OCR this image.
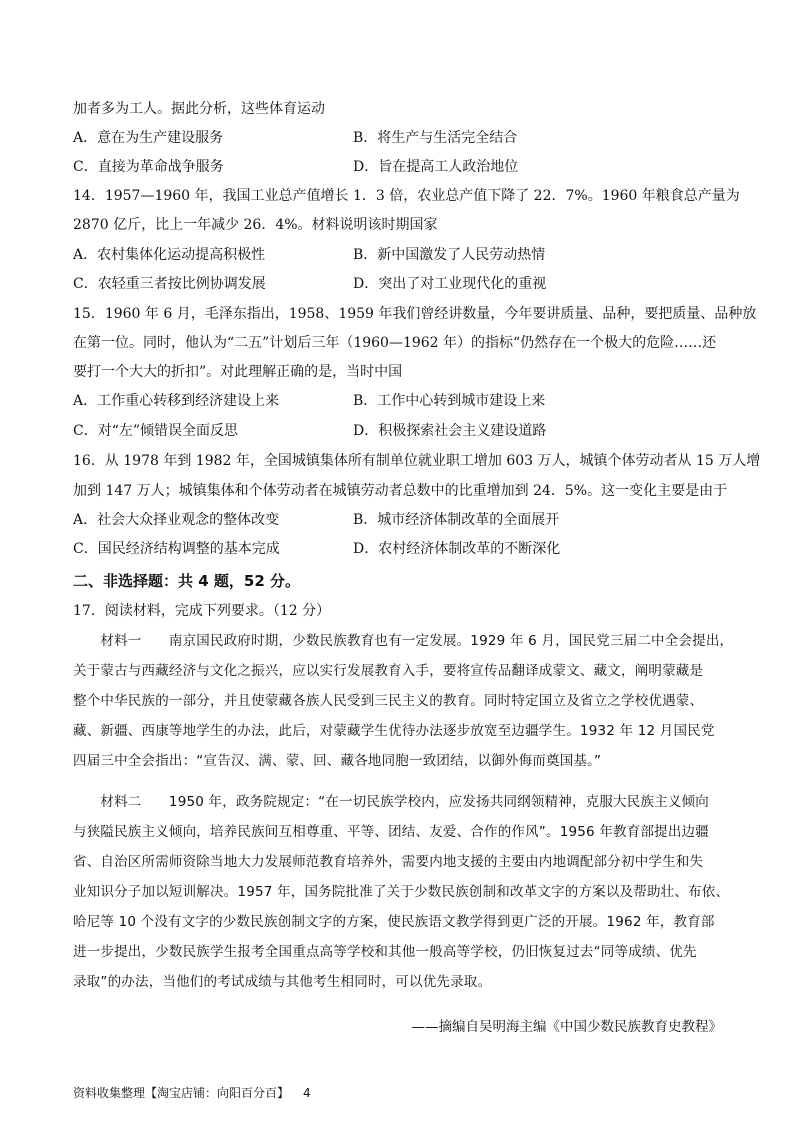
加者多为工人。据此分析，这些体育运动
A．意在为生产建设服务	B．将生产与生活完全结合
C．直接为革命战争服务	D．旨在提高工人政治地位
14．1957—1960 年，我国工业总产值增长 1．3 倍，农业总产值下降了 22．7%。1960 年粮食总产量为
2870 亿斤，比上一年减少 26．4%。材料说明该时期国家
A．农村集体化运动提高积极性	B．新中国激发了人民劳动热情
C．农轻重三者按比例协调发展	D．突出了对工业现代化的重视
15．1960 年 6 月，毛泽东指出，1958、1959 年我们曾经讲数量，今年要讲质量、品种，要把质量、品种放
在第一位。同时，他认为“二五”计划后三年（1960—1962 年）的指标“仍然存在一个极大的危险……还
要打一个大大的折扣”。对此理解正确的是，当时中国
A．工作重心转移到经济建设上来	B．工作中心转到城市建设上来
C．对“左”倾错误全面反思	D．积极探索社会主义建设道路
16．从 1978 年到 1982 年，全国城镇集体所有制单位就业职工增加 603 万人，城镇个体劳动者从 15 万人增
加到 147 万人；城镇集体和个体劳动者在城镇劳动者总数中的比重增加到 24．5%。这一变化主要是由于
A．社会大众择业观念的整体改变	B．城市经济体制改革的全面展开
C．国民经济结构调整的基本完成	D．农村经济体制改革的不断深化
二、非选择题：共 4 题，52 分。
17．阅读材料，完成下列要求。（12 分）
　　材料一　　南京国民政府时期，少数民族教育也有一定发展。1929 年 6 月，国民党三届二中全会提出，
关于蒙古与西藏经济与文化之振兴，应以实行发展教育入手，要将宣传品翻译成蒙文、藏文，阐明蒙藏是
整个中华民族的一部分，并且使蒙藏各族人民受到三民主义的教育。同时特定国立及省立之学校优遇蒙、
藏、新疆、西康等地学生的办法，此后，对蒙藏学生优待办法逐步放宽至边疆学生。1932 年 12 月国民党
四届三中全会指出：“宣告汉、满、蒙、回、藏各地同胞一致团结，以御外侮而奠国基。”
　　材料二　　1950 年，政务院规定：“在一切民族学校内，应发扬共同纲领精神，克服大民族主义倾向
与狭隘民族主义倾向，培养民族间互相尊重、平等、团结、友爱、合作的作风”。1956 年教育部提出边疆
省、自治区所需师资除当地大力发展师范教育培养外，需要内地支援的主要由内地调配部分初中学生和失
业知识分子加以短训解决。1957 年，国务院批准了关于少数民族创制和改革文字的方案以及帮助壮、布依、
哈尼等 10 个没有文字的少数民族创制文字的方案，使民族语文教学得到更广泛的开展。1962 年，教育部
进一步提出，少数民族学生报考全国重点高等学校和其他一般高等学校，仍旧恢复过去“同等成绩、优先
录取”的办法，当他们的考试成绩与其他考生相同时，可以优先录取。
——摘编自吴明海主编《中国少数民族教育史教程》
资料收集整理【淘宝店铺：向阳百分百】 4
